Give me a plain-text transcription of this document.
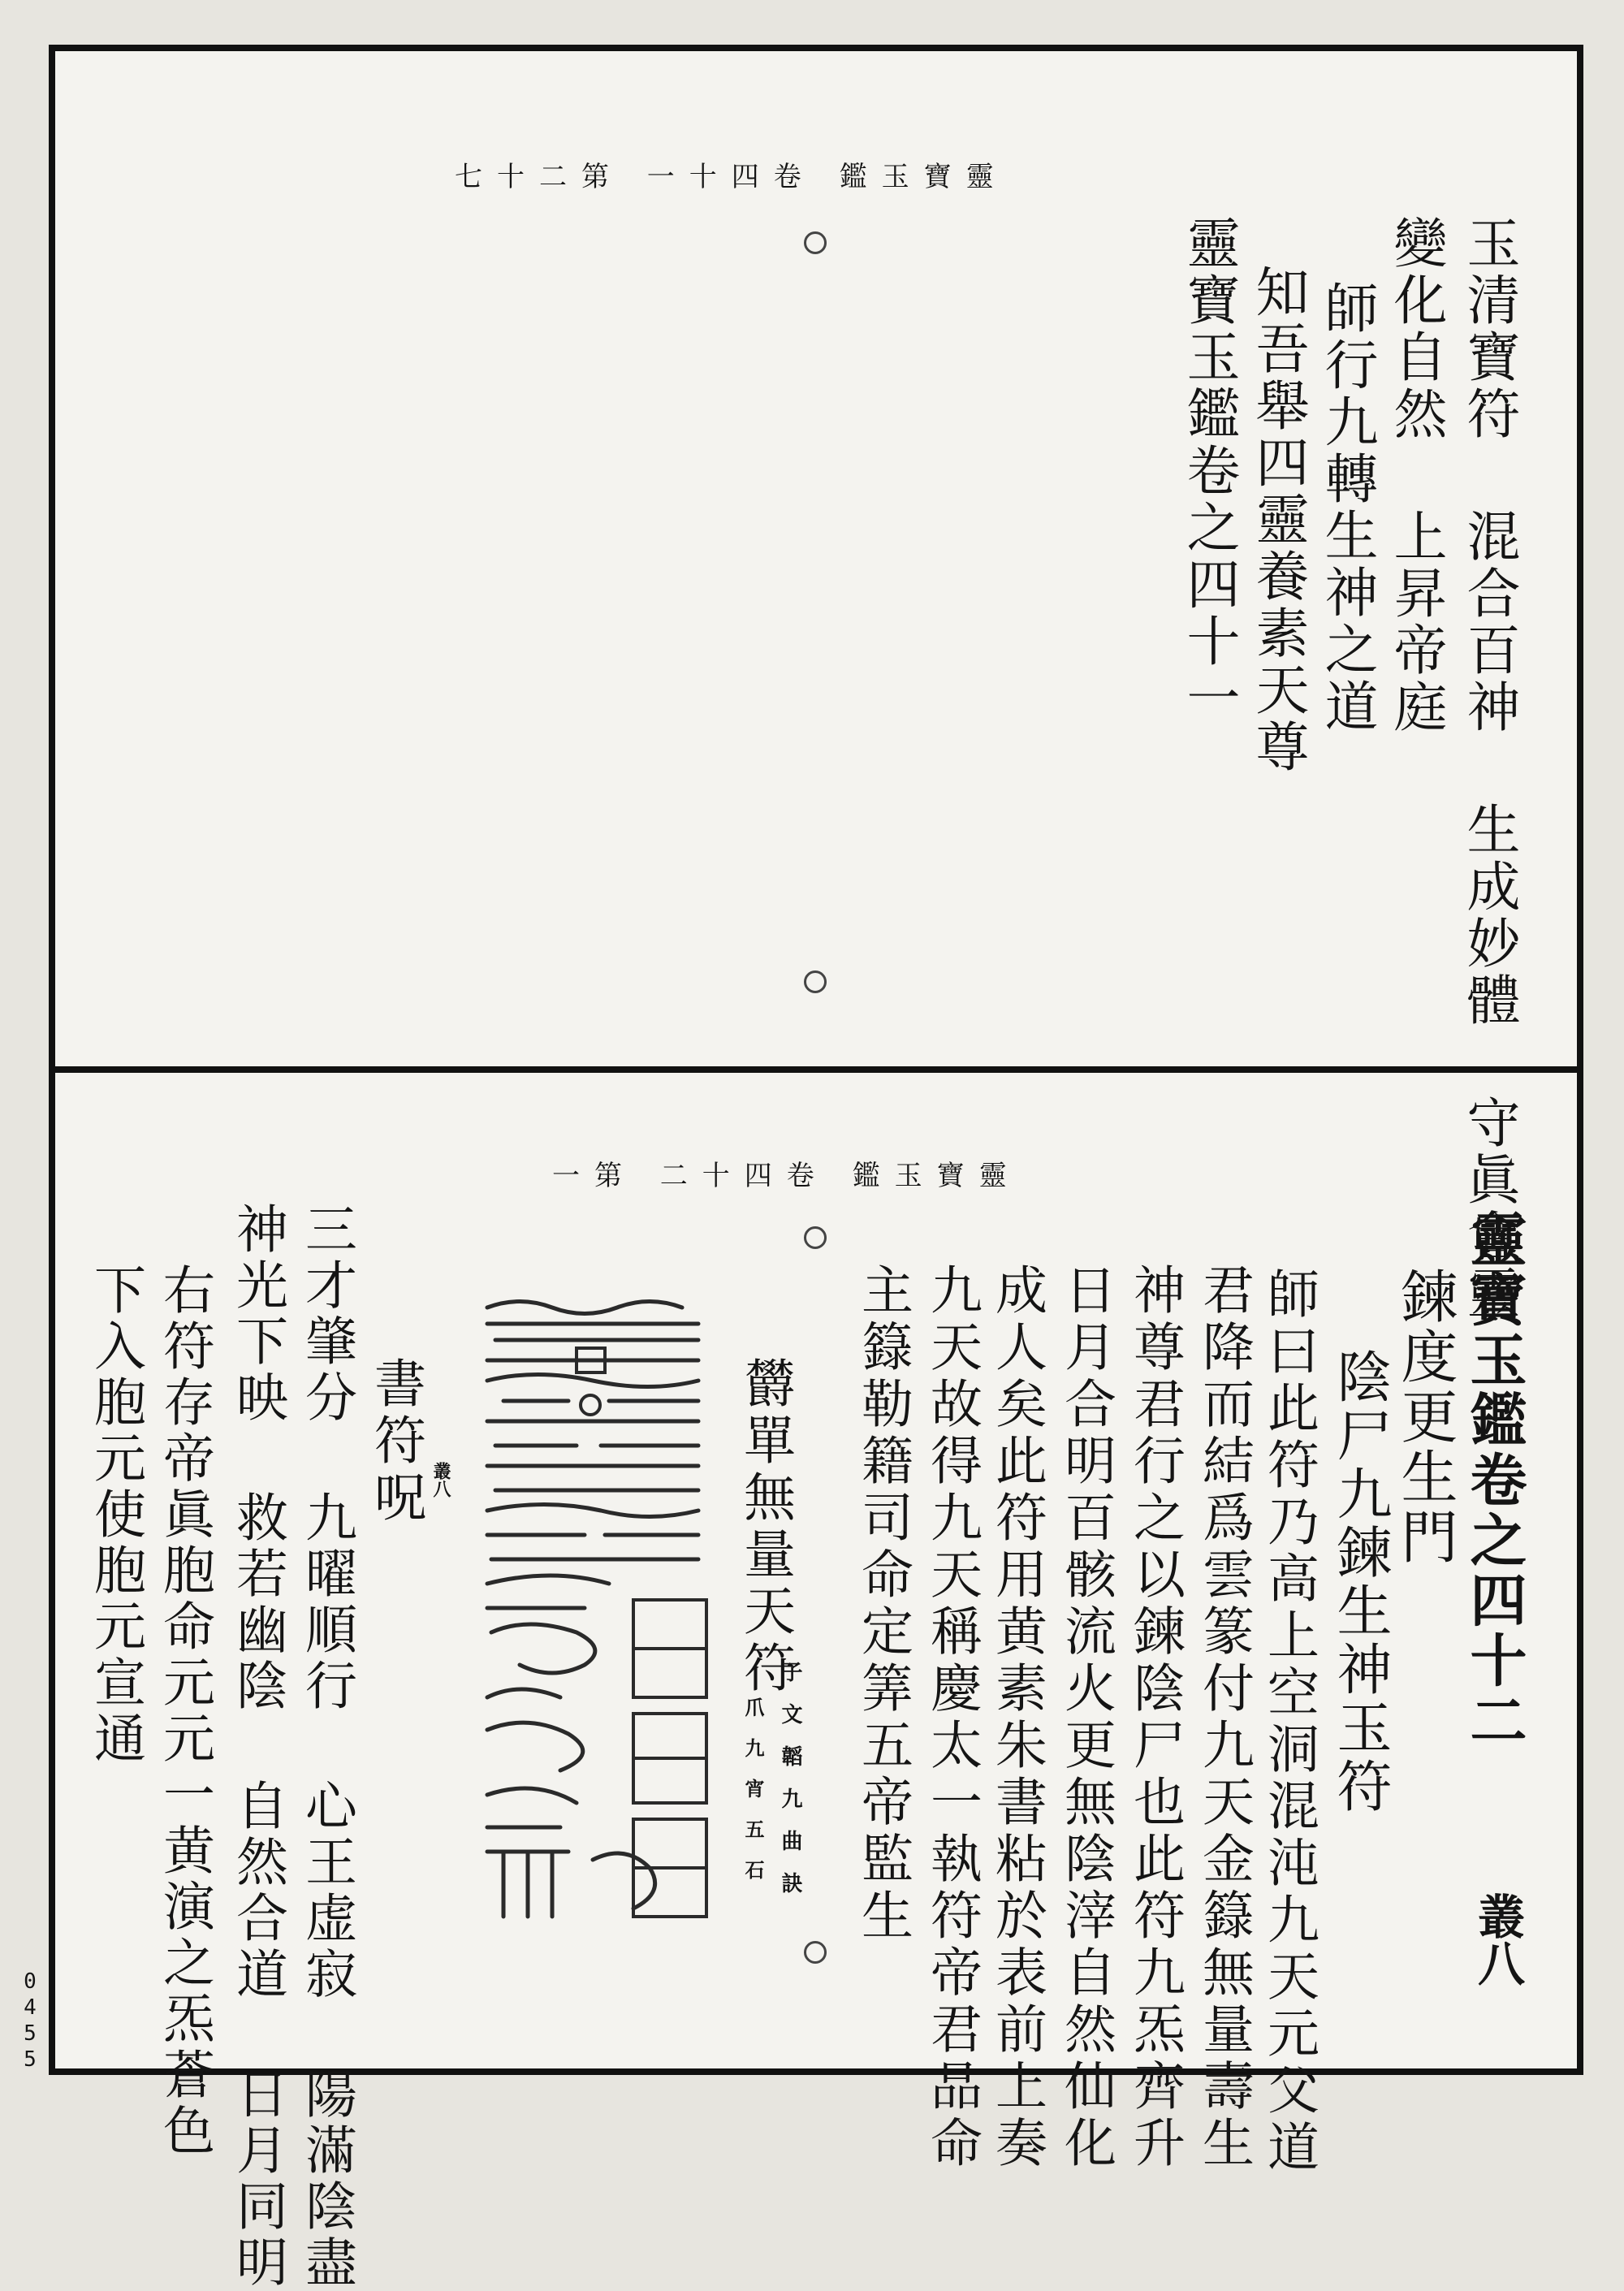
靈寶玉鑑 卷四十一 第二十七
玉清寶符 混合百神 生成妙體 守眞會靈
變化自然 上昇帝庭
師行九轉生神之道
知吾舉四靈養素天尊
靈寶玉鑑卷之四十一
靈寶玉鑑 卷四十二 第一
靈寶玉鑑卷之四十二
叢八
鍊度更生門
陰尸九鍊生神玉符
師曰此符乃高上空洞混沌九天元父道
君降而結爲雲篆付九天金籙無量壽生
神尊君行之以鍊陰尸也此符九炁齊升
日月合明百骸流火更無陰滓自然仙化
成人矣此符用黄素朱書粘於表前上奏
九天故得九天稱慶太一執符帝君品命
主籙勒籍司命定筭五帝監生
欝單無量天符
子文韜九曲訣
爪九宵五石
叢八
書符呪
三才肇分 九曜順行 心王虚寂 陽滿陰盡
神光下映 救若幽陰 自然合道 日月同明
右符存帝眞胞命元元一黄演之炁蒼色
下入胞元使胞元宣通
0455
